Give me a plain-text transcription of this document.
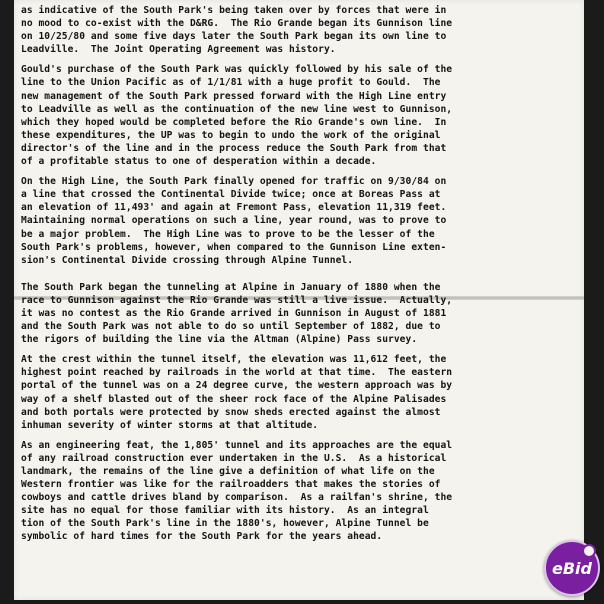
as indicative of the South Park's being taken over by forces that were in
no mood to co-exist with the D&RG.  The Rio Grande began its Gunnison line
on 10/25/80 and some five days later the South Park began its own line to
Leadville.  The Joint Operating Agreement was history.

Gould's purchase of the South Park was quickly followed by his sale of the
line to the Union Pacific as of 1/1/81 with a huge profit to Gould.  The
new management of the South Park pressed forward with the High Line entry
to Leadville as well as the continuation of the new line west to Gunnison,
which they hoped would be completed before the Rio Grande's own line.  In
these expenditures, the UP was to begin to undo the work of the original
director's of the line and in the process reduce the South Park from that
of a profitable status to one of desperation within a decade.

On the High Line, the South Park finally opened for traffic on 9/30/84 on
a line that crossed the Continental Divide twice; once at Boreas Pass at
an elevation of 11,493' and again at Fremont Pass, elevation 11,319 feet.
Maintaining normal operations on such a line, year round, was to prove to
be a major problem.  The High Line was to prove to be the lesser of the
South Park's problems, however, when compared to the Gunnison Line exten-
sion's Continental Divide crossing through Alpine Tunnel.

The South Park began the tunneling at Alpine in January of 1880 when the
race to Gunnison against the Rio Grande was still a live issue.  Actually,
it was no contest as the Rio Grande arrived in Gunnison in August of 1881
and the South Park was not able to do so until September of 1882, due to
the rigors of building the line via the Altman (Alpine) Pass survey.

At the crest within the tunnel itself, the elevation was 11,612 feet, the
highest point reached by railroads in the world at that time.  The eastern
portal of the tunnel was on a 24 degree curve, the western approach was by
way of a shelf blasted out of the sheer rock face of the Alpine Palisades
and both portals were protected by snow sheds erected against the almost
inhuman severity of winter storms at that altitude.

As an engineering feat, the 1,805' tunnel and its approaches are the equal
of any railroad construction ever undertaken in the U.S.  As a historical
landmark, the remains of the line give a definition of what life on the
Western frontier was like for the railroadders that makes the stories of
cowboys and cattle drives bland by comparison.  As a railfan's shrine, the
site has no equal for those familiar with its history.  As an integral
tion of the South Park's line in the 1880's, however, Alpine Tunnel be
symbolic of hard times for the South Park for the years ahead.

eBid
